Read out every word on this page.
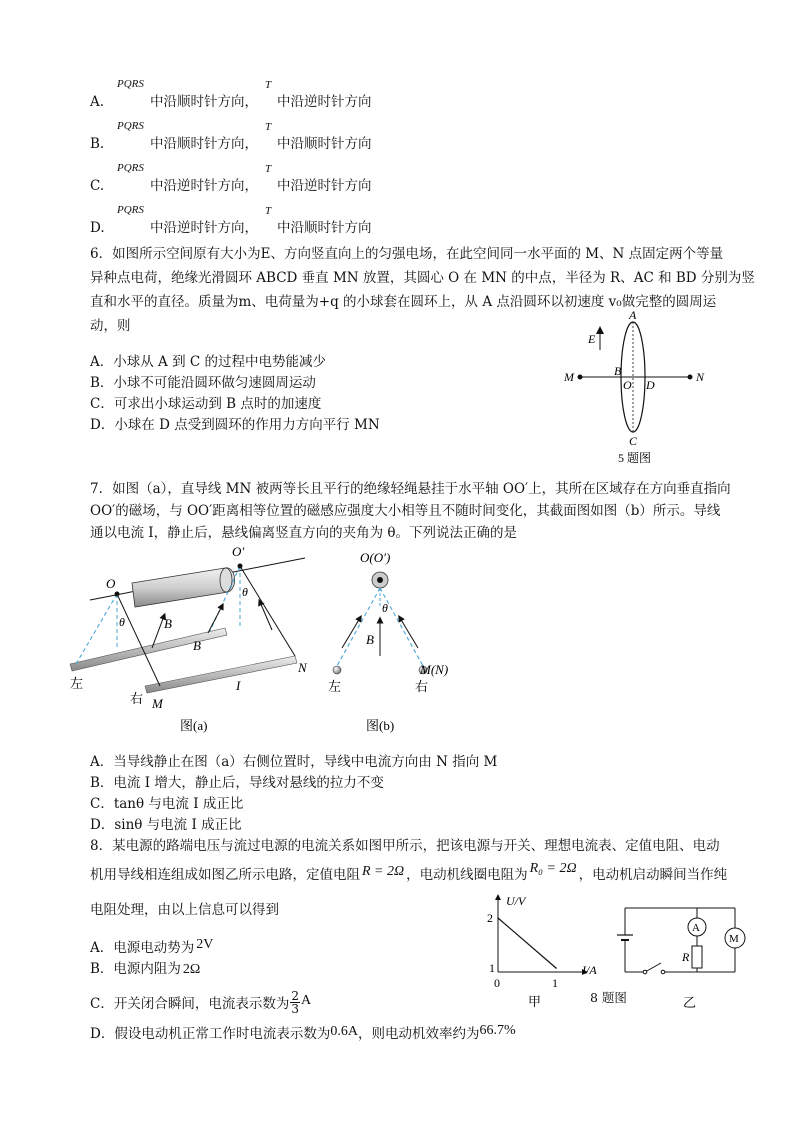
PQRS	T
A.	中沿顺时针方向， 中沿逆时针方向
PQRS	T
B.	中沿顺时针方向， 中沿顺时针方向
PQRS	T
C.	中沿逆时针方向， 中沿逆时针方向
PQRS	T
D.	中沿逆时针方向， 中沿顺时针方向
6．如图所示空间原有大小为E、方向竖直向上的匀强电场，在此空间同一水平面的 M、N 点固定两个等量
异种点电荷，绝缘光滑圆环 ABCD 垂直 MN 放置，其圆心 O 在 MN 的中点，半径为 R、AC 和 BD 分别为竖
直和水平的直径。质量为m、电荷量为+q 的小球套在圆环上，从 A 点沿圆环以初速度 v₀做完整的圆周运
动，则
A．小球从 A 到 C 的过程中电势能减少
B．小球不可能沿圆环做匀速圆周运动
C．可求出小球运动到 B 点时的加速度
D．小球在 D 点受到圆环的作用力方向平行 MN
E
A
B
O D
C
M	N
5 题图
7．如图（a），直导线 MN 被两等长且平行的绝缘轻绳悬挂于水平轴 OO′上，其所在区域存在方向垂直指向
OO′的磁场，与 OO′距离相等位置的磁感应强度大小相等且不随时间变化，其截面图如图（b）所示。导线
通以电流 I，静止后，悬线偏离竖直方向的夹角为 θ。下列说法正确的是
O
O′
θ
θ
B
B
N
I
M
左
右
图(a)
O(O′)
θ
B
M(N)
左	右
图(b)
A．当导线静止在图（a）右侧位置时，导线中电流方向由 N 指向 M
B．电流 I 增大，静止后，导线对悬线的拉力不变
C．tanθ 与电流 I 成正比
D．sinθ 与电流 I 成正比
8．某电源的路端电压与流过电源的电流关系如图甲所示，把该电源与开关、理想电流表、定值电阻、电动
机用导线相连组成如图乙所示电路，定值电阻 R = 2Ω ，电动机线圈电阻为 R₀ = 2Ω ，电动机启动瞬间当作纯
电阻处理，由以上信息可以得到
A．电源电动势为 2V
B．电源内阻为 2Ω
C．开关闭合瞬间，电流表示数为 $\frac{2}{3}$ A
D．假设电动机正常工作时电流表示数为0.6A，则电动机效率约为66.7%
U/V
I/A
2
1
0	1
甲
A
R
M
乙
8 题图
